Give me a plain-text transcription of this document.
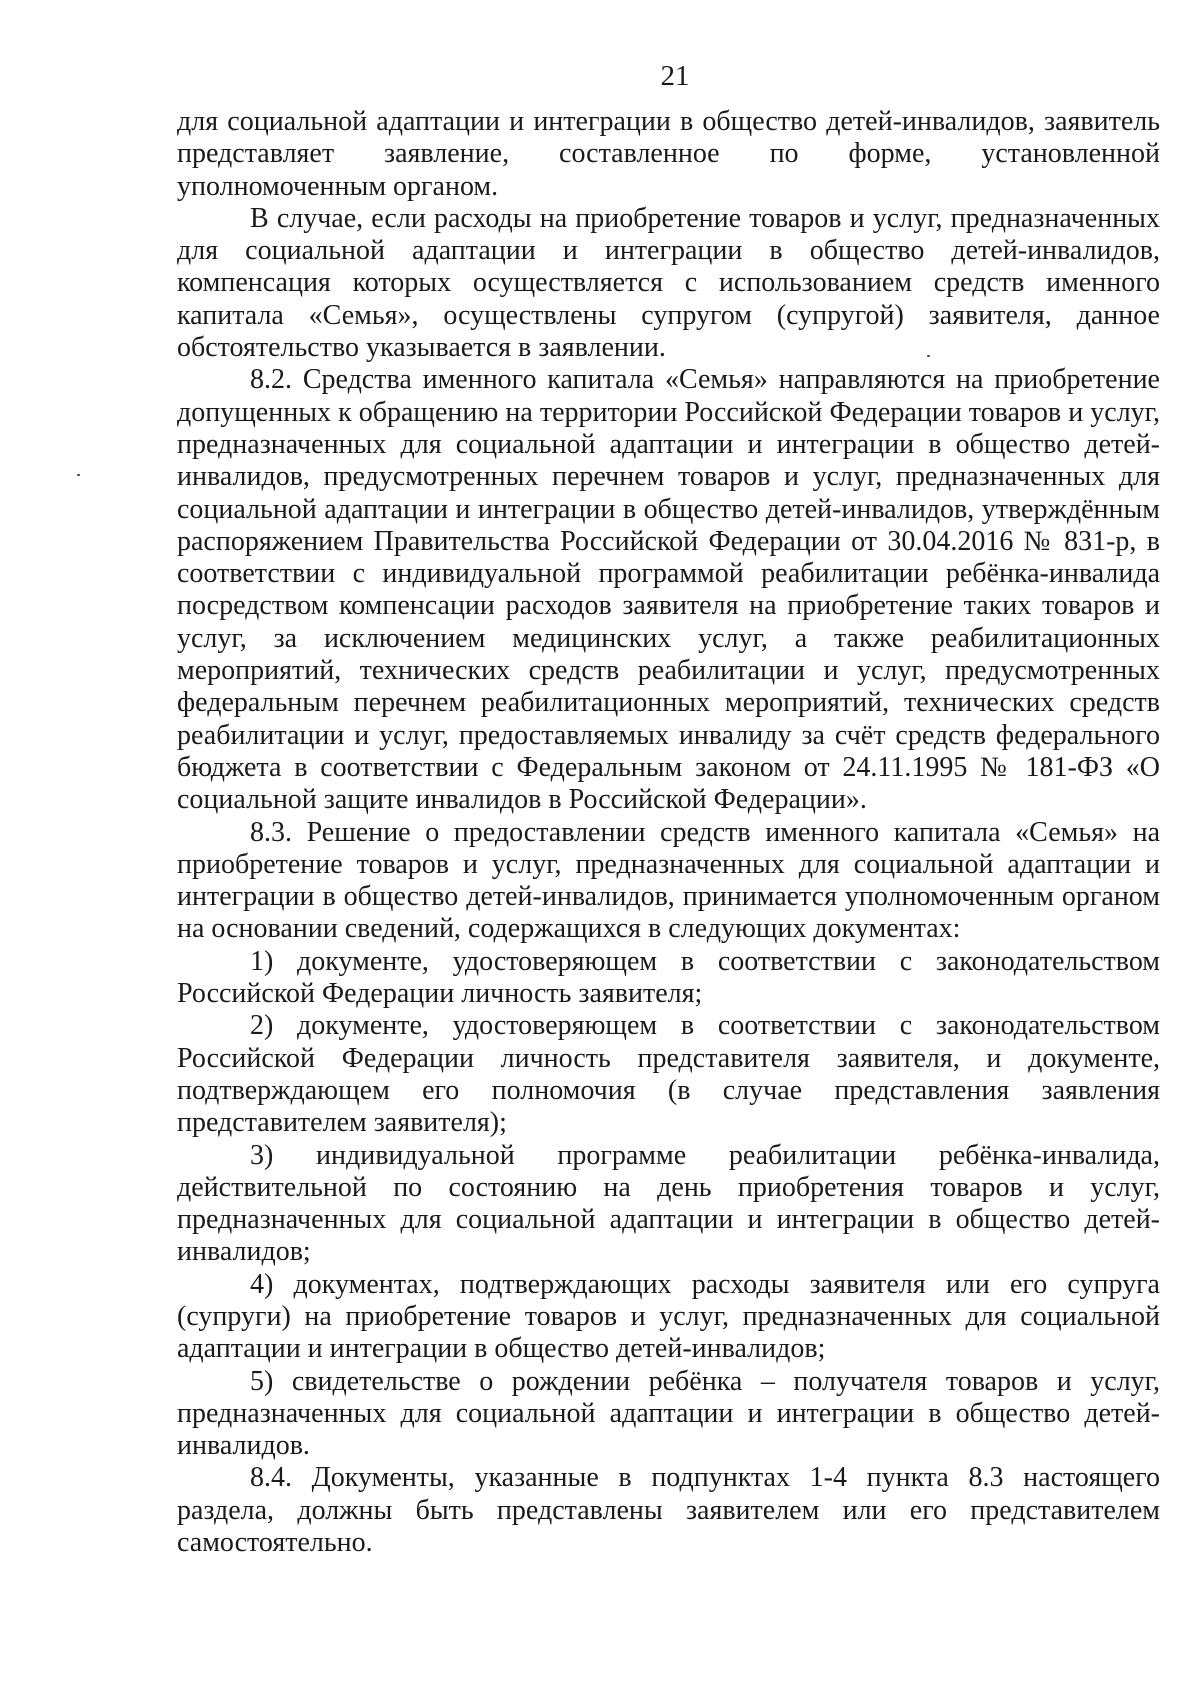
21

для социальной адаптации и интеграции в общество детей-инвалидов, заявитель представляет заявление, составленное по форме, установленной уполномоченным органом.

В случае, если расходы на приобретение товаров и услуг, предназначенных для социальной адаптации и интеграции в общество детей-инвалидов, компенсация которых осуществляется с использованием средств именного капитала «Семья», осуществлены супругом (супругой) заявителя, данное обстоятельство указывается в заявлении.

8.2. Средства именного капитала «Семья» направляются на приобретение допущенных к обращению на территории Российской Федерации товаров и услуг, предназначенных для социальной адаптации и интеграции в общество детей-инвалидов, предусмотренных перечнем товаров и услуг, предназначенных для социальной адаптации и интеграции в общество детей-инвалидов, утверждённым распоряжением Правительства Российской Федерации от 30.04.2016 № 831-р, в соответствии с индивидуальной программой реабилитации ребёнка-инвалида посредством компенсации расходов заявителя на приобретение таких товаров и услуг, за исключением медицинских услуг, а также реабилитационных мероприятий, технических средств реабилитации и услуг, предусмотренных федеральным перечнем реабилитационных мероприятий, технических средств реабилитации и услуг, предоставляемых инвалиду за счёт средств федерального бюджета в соответствии с Федеральным законом от 24.11.1995 № 181-ФЗ «О социальной защите инвалидов в Российской Федерации».

8.3. Решение о предоставлении средств именного капитала «Семья» на приобретение товаров и услуг, предназначенных для социальной адаптации и интеграции в общество детей-инвалидов, принимается уполномоченным органом на основании сведений, содержащихся в следующих документах:

1) документе, удостоверяющем в соответствии с законодательством Российской Федерации личность заявителя;

2) документе, удостоверяющем в соответствии с законодательством Российской Федерации личность представителя заявителя, и документе, подтверждающем его полномочия (в случае представления заявления представителем заявителя);

3) индивидуальной программе реабилитации ребёнка-инвалида, действительной по состоянию на день приобретения товаров и услуг, предназначенных для социальной адаптации и интеграции в общество детей-инвалидов;

4) документах, подтверждающих расходы заявителя или его супруга (супруги) на приобретение товаров и услуг, предназначенных для социальной адаптации и интеграции в общество детей-инвалидов;

5) свидетельстве о рождении ребёнка – получателя товаров и услуг, предназначенных для социальной адаптации и интеграции в общество детей-инвалидов.

8.4. Документы, указанные в подпунктах 1-4 пункта 8.3 настоящего раздела, должны быть представлены заявителем или его представителем самостоятельно.
